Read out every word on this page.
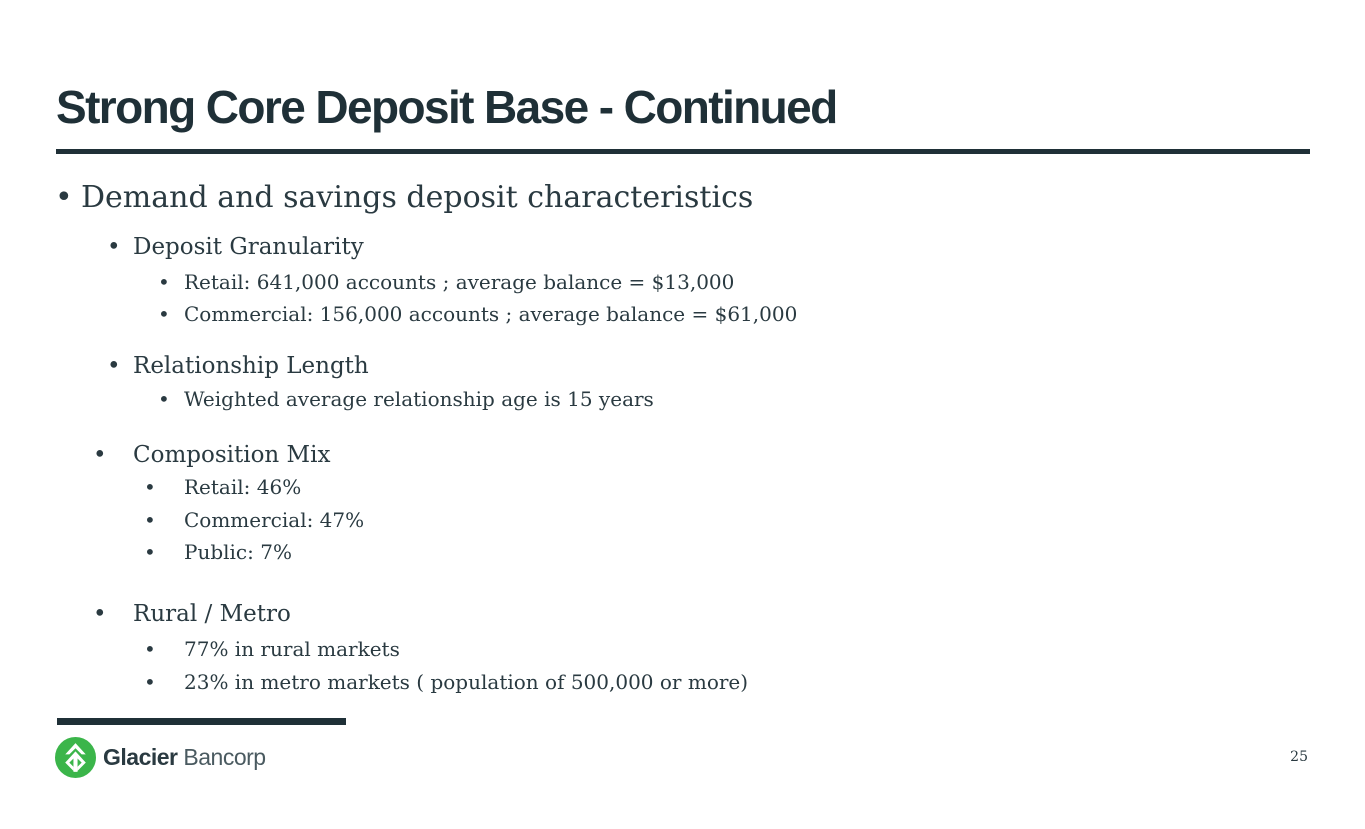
Strong Core Deposit Base - Continued
• Demand and savings deposit characteristics
• Deposit Granularity
• Retail: 641,000 accounts ; average balance = $13,000
• Commercial: 156,000 accounts ; average balance = $61,000
• Relationship Length
• Weighted average relationship age is 15 years
• Composition Mix
• Retail: 46%
• Commercial: 47%
• Public: 7%
• Rural / Metro
• 77% in rural markets
• 23% in metro markets ( population of 500,000 or more)
Glacier Bancorp	25
